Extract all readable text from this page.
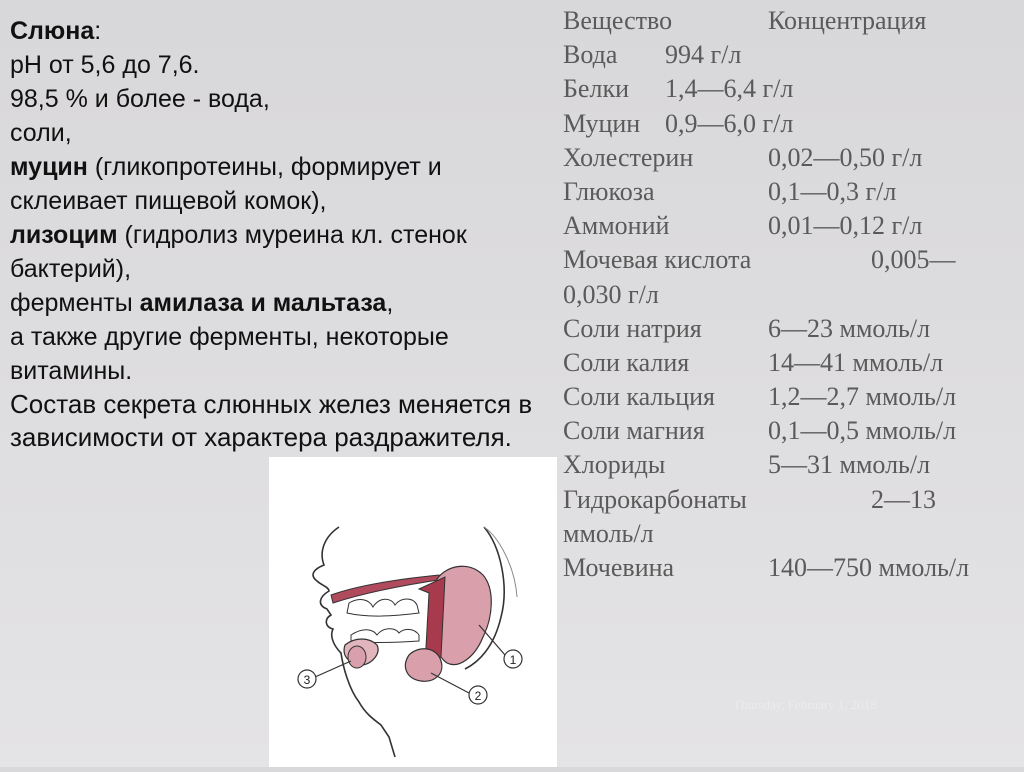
Слюна:
pH от 5,6 до 7,6.
98,5 % и более - вода,
соли,
муцин (гликопротеины, формирует и склеивает пищевой комок),
лизоцим (гидролиз муреина кл. стенок бактерий),
ферменты амилаза и мальтаза,
а также другие ферменты, некоторые витамины.
Состав секрета слюнных желез меняется в зависимости от характера раздражителя.
Вещество	Концентрация
Вода 994 г/л
Белки 1,4—6,4 г/л
Муцин 0,9—6,0 г/л
Холестерин	0,02—0,50 г/л
Глюкоза	0,1—0,3 г/л
Аммоний	0,01—0,12 г/л
Мочевая кислота	0,005—
0,030 г/л
Соли натрия	6—23 ммоль/л
Соли калия	14—41 ммоль/л
Соли кальция 1,2—2,7 ммоль/л
Соли магния 0,1—0,5 ммоль/л
Хлориды	5—31 ммоль/л
Гидрокарбонаты	2—13
ммоль/л
Мочевина	140—750 ммоль/л
1
2
3
Thursday, February 1, 2018
